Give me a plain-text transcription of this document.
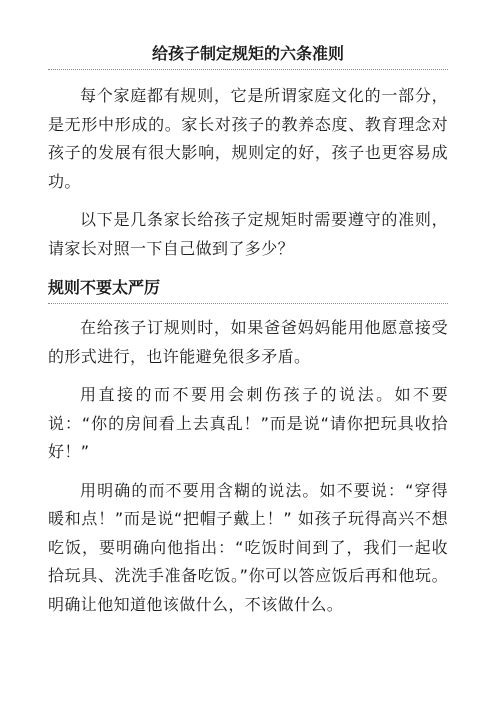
给孩子制定规矩的六条准则

每个家庭都有规则，它是所谓家庭文化的一部分，是无形中形成的。家长对孩子的教养态度、教育理念对孩子的发展有很大影响，规则定的好，孩子也更容易成功。

以下是几条家长给孩子定规矩时需要遵守的准则，请家长对照一下自己做到了多少？

规则不要太严厉

在给孩子订规则时，如果爸爸妈妈能用他愿意接受的形式进行，也许能避免很多矛盾。

用直接的而不要用会刺伤孩子的说法。如不要说：“你的房间看上去真乱！”而是说“请你把玩具收拾好！”

用明确的而不要用含糊的说法。如不要说：“穿得暖和点！”而是说“把帽子戴上！” 如孩子玩得高兴不想吃饭，要明确向他指出：“吃饭时间到了，我们一起收拾玩具、洗洗手准备吃饭。”你可以答应饭后再和他玩。明确让他知道他该做什么，不该做什么。
